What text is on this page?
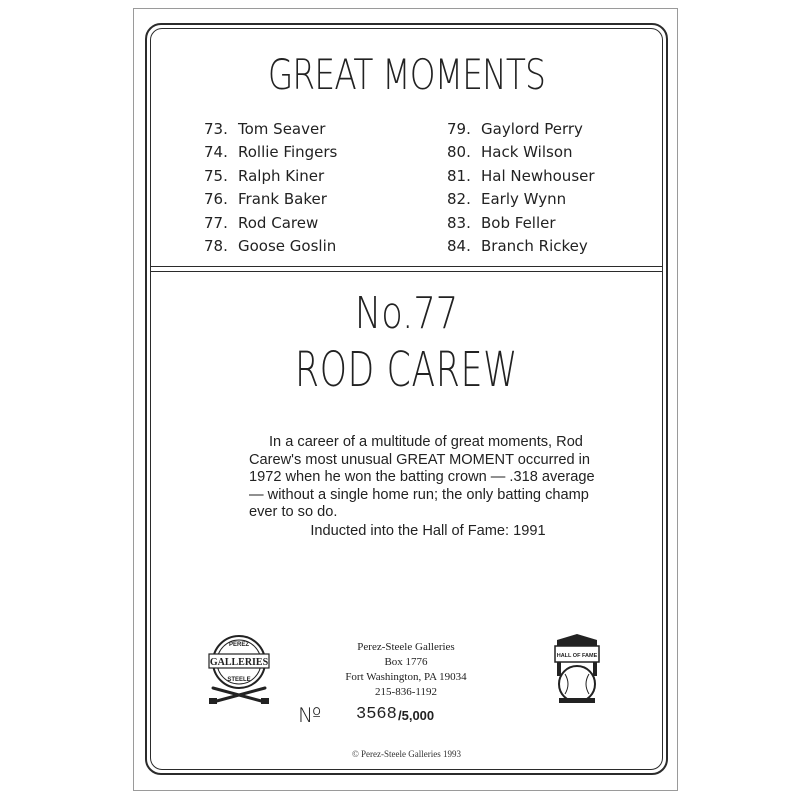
GREAT MOMENTS
73. Tom Seaver
74. Rollie Fingers
75. Ralph Kiner
76. Frank Baker
77. Rod Carew
78. Goose Goslin
79. Gaylord Perry
80. Hack Wilson
81. Hal Newhouser
82. Early Wynn
83. Bob Feller
84. Branch Rickey
No.77
ROD CAREW

In a career of a multitude of great moments, Rod Carew's most unusual GREAT MOMENT occurred in 1972 when he won the batting crown — .318 average — without a single home run; the only batting champ ever to so do.

Inducted into the Hall of Fame: 1991
PEREZ
GALLERIES
STEELE
HALL OF FAME
Perez-Steele Galleries
Box 1776
Fort Washington, PA 19034
215-836-1192
№ 3568 /5,000
© Perez-Steele Galleries 1993
